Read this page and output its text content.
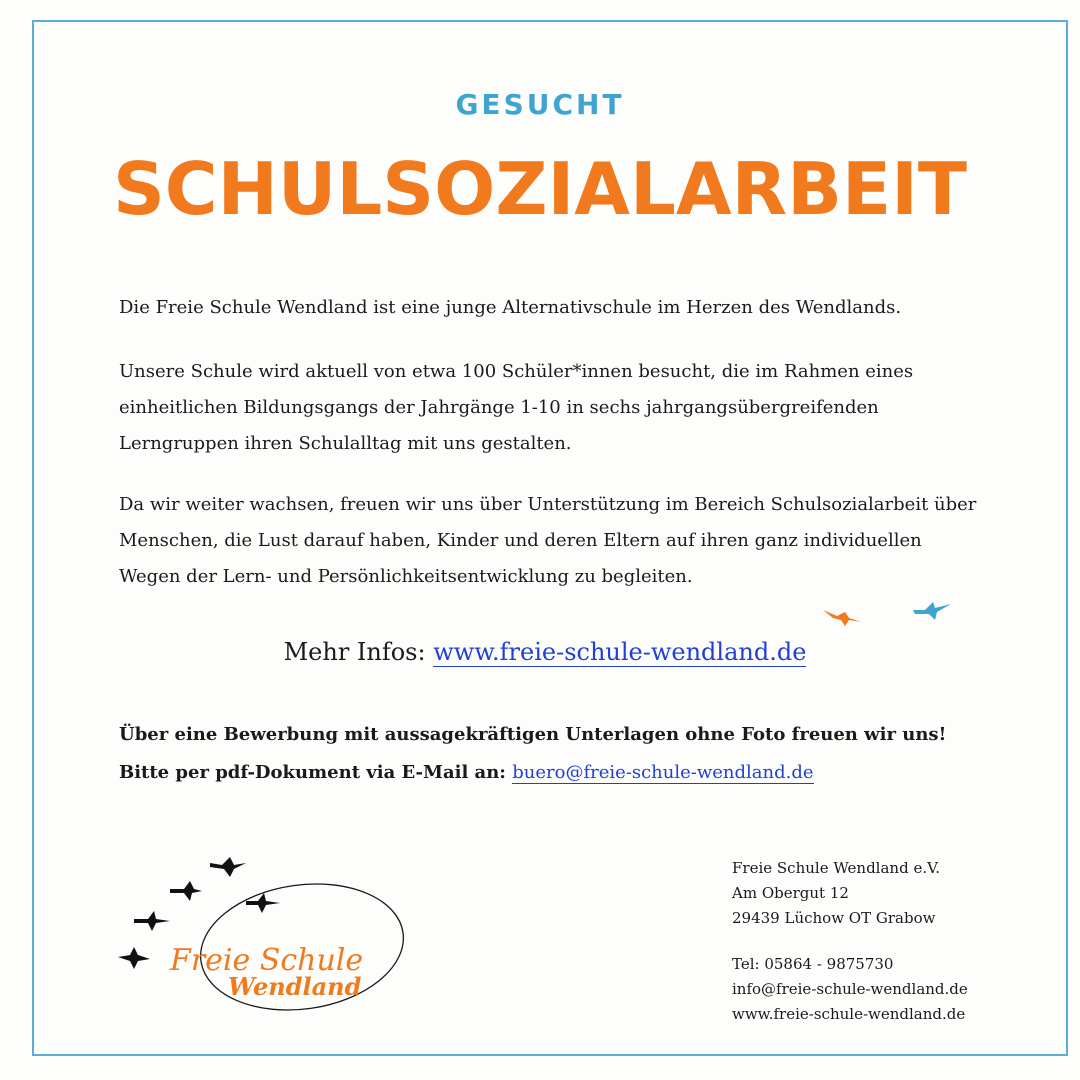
GESUCHT
SCHULSOZIALARBEIT

Die Freie Schule Wendland ist eine junge Alternativschule im Herzen des Wendlands.

Unsere Schule wird aktuell von etwa 100 Schüler*innen besucht, die im Rahmen eines einheitlichen Bildungsgangs der Jahrgänge 1-10 in sechs jahrgangsübergreifenden Lerngruppen ihren Schulalltag mit uns gestalten.

Da wir weiter wachsen, freuen wir uns über Unterstützung im Bereich Schulsozialarbeit über Menschen, die Lust darauf haben, Kinder und deren Eltern auf ihren ganz individuellen Wegen der Lern- und Persönlichkeitsentwicklung zu begleiten.

Mehr Infos: www.freie-schule-wendland.de

Über eine Bewerbung mit aussagekräftigen Unterlagen ohne Foto freuen wir uns! Bitte per pdf-Dokument via E-Mail an: buero@freie-schule-wendland.de

Freie Schule
Wendland
Freie Schule Wendland e.V.
Am Obergut 12
29439 Lüchow OT Grabow
Tel: 05864 - 9875730
info@freie-schule-wendland.de
www.freie-schule-wendland.de
